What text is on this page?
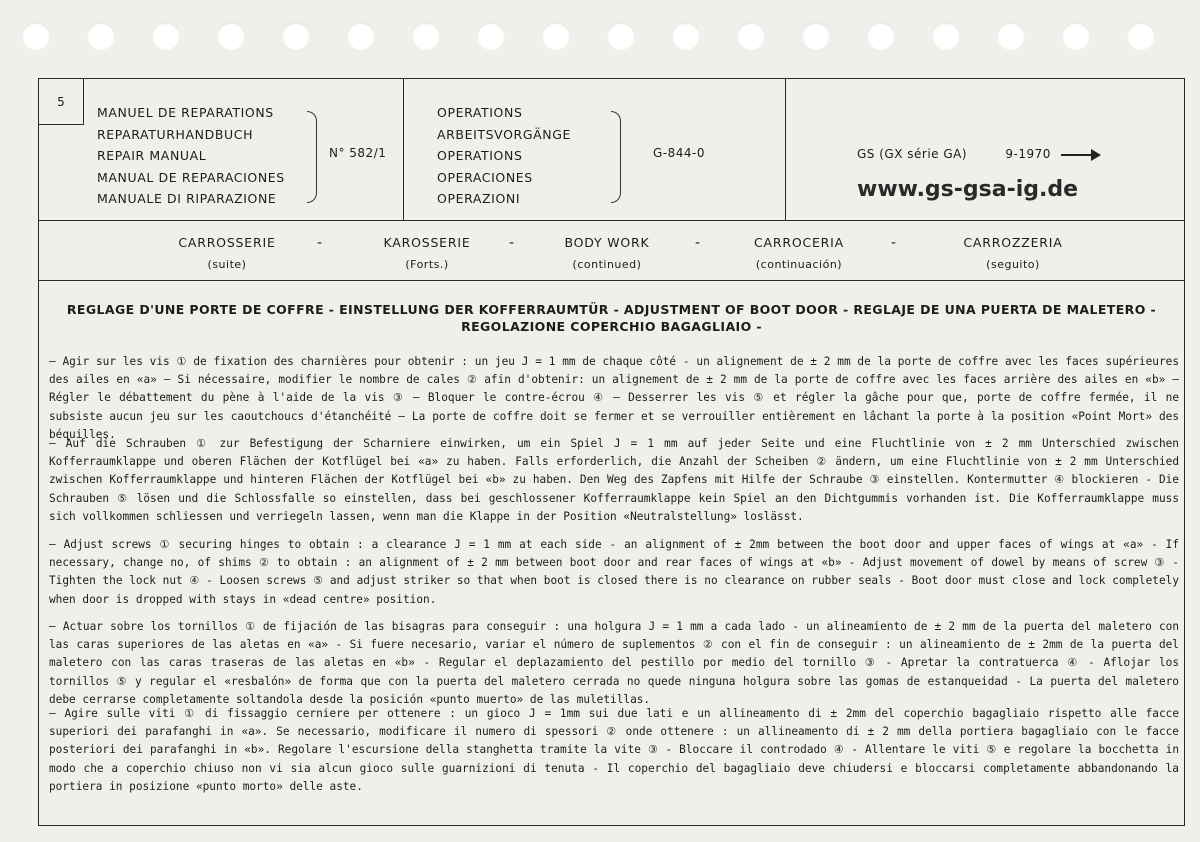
5
MANUEL DE REPARATIONS
REPARATURHANDBUCH
REPAIR MANUAL
MANUAL DE REPARACIONES
MANUALE DI RIPARAZIONE
N° 582/1
OPERATIONS
ARBEITSVORGÄNGE
OPERATIONS
OPERACIONES
OPERAZIONI
G-844-0	GS (GX série GA)	9-1970
www.gs-gsa-ig.de
CARROSSERIE
(suite)
-	KAROSSERIE
(Forts.)
-	BODY WORK
(continued)
-	CARROCERIA
(continuación)
-	CARROZZERIA
(seguito)
REGLAGE D'UNE PORTE DE COFFRE - EINSTELLUNG DER KOFFERRAUMTÜR - ADJUSTMENT OF BOOT DOOR - REGLAJE DE UNA PUERTA DE MALETERO -
REGOLAZIONE COPERCHIO BAGAGLIAIO -
– Agir sur les vis ① de fixation des charnières pour obtenir : un jeu J = 1 mm de chaque côté - un alignement de ± 2 mm de la porte de coffre avec les faces supérieures des ailes en «a» – Si nécessaire, modifier le nombre de cales ② afin d'obtenir: un alignement de ± 2 mm de la porte de coffre avec les faces arrière des ailes en «b» – Régler le débattement du pène à l'aide de la vis ③ – Bloquer le contre-écrou ④ – Desserrer les vis ⑤ et régler la gâche pour que, porte de coffre fermée, il ne subsiste aucun jeu sur les caoutchoucs d'étanchéité – La porte de coffre doit se fermer et se verrouiller entièrement en lâchant la porte à la position «Point Mort» des béquilles.
– Auf die Schrauben ① zur Befestigung der Scharniere einwirken, um ein Spiel J = 1 mm auf jeder Seite und eine Fluchtlinie von ± 2 mm Unterschied zwischen Kofferraumklappe und oberen Flächen der Kotflügel bei «a» zu haben. Falls erforderlich, die Anzahl der Scheiben ② ändern, um eine Fluchtlinie von ± 2 mm Unterschied zwischen Kofferraumklappe und hinteren Flächen der Kotflügel bei «b» zu haben. Den Weg des Zapfens mit Hilfe der Schraube ③ einstellen. Kontermutter ④ blockieren - Die Schrauben ⑤ lösen und die Schlossfalle so einstellen, dass bei geschlossener Kofferraumklappe kein Spiel an den Dichtgummis vorhanden ist. Die Kofferraumklappe muss sich vollkommen schliessen und verriegeln lassen, wenn man die Klappe in der Position «Neutralstellung» loslässt.
– Adjust screws ① securing hinges to obtain : a clearance J = 1 mm at each side - an alignment of ± 2mm between the boot door and upper faces of wings at «a» - If necessary, change no, of shims ② to obtain : an alignment of ± 2 mm between boot door and rear faces of wings at «b» - Adjust movement of dowel by means of screw ③ - Tighten the lock nut ④ - Loosen screws ⑤ and adjust striker so that when boot is closed there is no clearance on rubber seals - Boot door must close and lock completely when door is dropped with stays in «dead centre» position.
– Actuar sobre los tornillos ① de fijación de las bisagras para conseguir : una holgura J = 1 mm a cada lado - un alineamiento de ± 2 mm de la puerta del maletero con las caras superiores de las aletas en «a» - Si fuere necesario, variar el número de suplementos ② con el fin de conseguir : un alineamiento de ± 2mm de la puerta del maletero con las caras traseras de las aletas en «b» - Regular el deplazamiento del pestillo por medio del tornillo ③ - Apretar la contratuerca ④ - Aflojar los tornillos ⑤ y regular el «resbalón» de forma que con la puerta del maletero cerrada no quede ninguna holgura sobre las gomas de estanqueidad - La puerta del maletero debe cerrarse completamente soltandola desde la posición «punto muerto» de las muletillas.
– Agire sulle viti ① di fissaggio cerniere per ottenere : un gioco J = 1mm sui due lati e un allineamento di ± 2mm del coperchio bagagliaio rispetto alle facce superiori dei parafanghi in «a». Se necessario, modificare il numero di spessori ② onde ottenere : un allineamento di ± 2 mm della portiera bagagliaio con le facce posteriori dei parafanghi in «b». Regolare l'escursione della stanghetta tramite la vite ③ - Bloccare il controdado ④ - Allentare le viti ⑤ e regolare la bocchetta in modo che a coperchio chiuso non vi sia alcun gioco sulle guarnizioni di tenuta - Il coperchio del bagagliaio deve chiudersi e bloccarsi completamente abbandonando la portiera in posizione «punto morto» delle aste.
